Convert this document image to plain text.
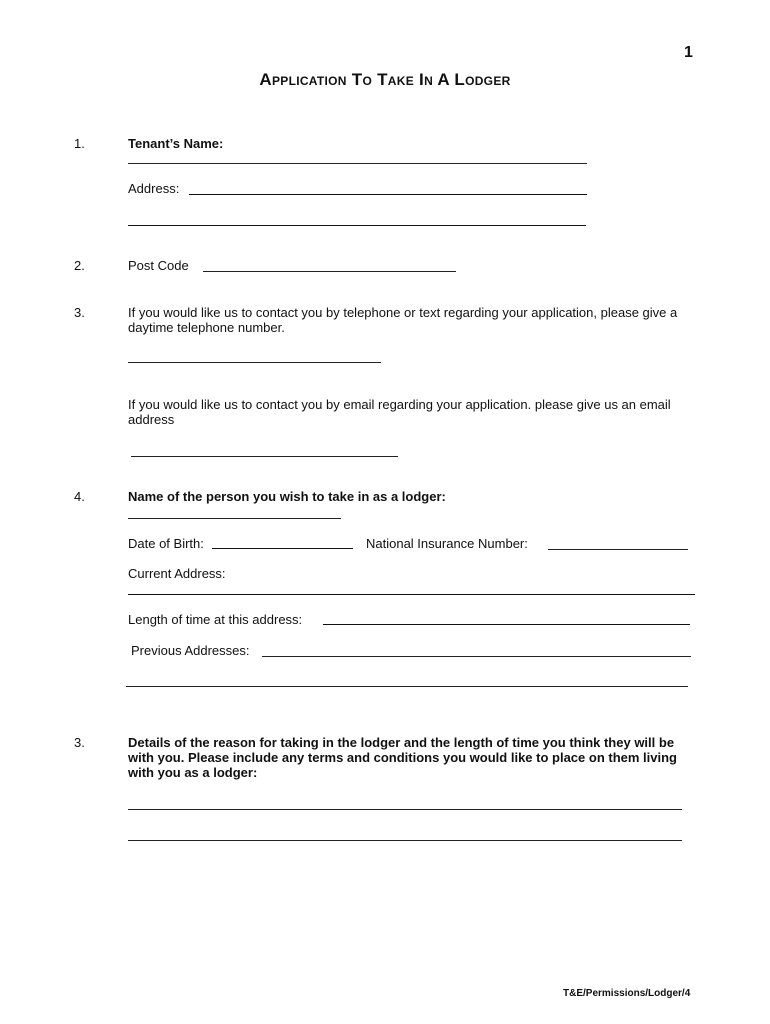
1
Application To Take In A Lodger
1.	Tenant’s Name:
Address:
2.	Post Code
3.	If you would like us to contact you by telephone or text regarding your application, please give a daytime telephone number.
If you would like us to contact you by email regarding your application. please give us an email address
4.	Name of the person you wish to take in as a lodger:
Date of Birth:	National Insurance Number:
Current Address:
Length of time at this address:
Previous Addresses:
3.	Details of the reason for taking in the lodger and the length of time you think they will be with you. Please include any terms and conditions you would like to place on them living with you as a lodger:
T&E/Permissions/Lodger/4
